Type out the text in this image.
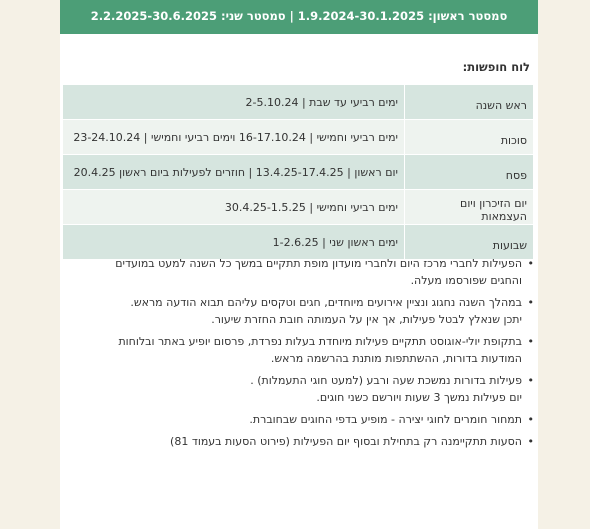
סמסטר ראשון: 1.9.2024-30.1.2025 | סמסטר שני: 2.2.2025-30.6.2025
לוח חופשות:
ראש השנה	ימים רביעי עד שבת | 2-5.10.24
סוכות	ימים רביעי וחמישי | 16-17.10.24 וימים רביעי וחמישי | 23-24.10.24
פסח	יום ראשון | 13.4.25-17.4.25 | חוזרים לפעילות ביום ראשון 20.4.25
יום הזיכרון ויום העצמאות	ימים רביעי וחמישי | 30.4.25-1.5.25
שבועות	ימים ראשון שני | 1-2.6.25
• הפעילות לחברי מרכז היום ולחברי מועדון מופת תתקיים במשך כל השנה למעט במועדים
והחגים שפורסמו מעלה.
• במהלך השנה נחגוג ונציין אירועים מיוחדים, חגים וטקסים עליהם תבוא הודעה מראש.
יתכן שנאלץ לבטל פעילות, אך אין על העמותה חובת החזרת שיעור.
• בתקופת יולי-אוגוסט תתקיים פעילות מיוחדת בעלות נפרדת, פרסום יופיע באתר ובלוחות
המודעות בדורות, ההשתתפות מותנת בהרשמה מראש.
• פעילות בדורות נמשכת שעה ורבע (למעט חוגי התעמלות) .
יום פעילות נמשך 3 שעות ויורשם כשני חוגים.
• תמחור חומרים לחוגי יצירה - מופיע בדפי החוגים שבחוברת.
• הסעות תתקיימנה רק בתחילת ובסוף יום הפעילות (פירוט הסעות בעמוד 81)
